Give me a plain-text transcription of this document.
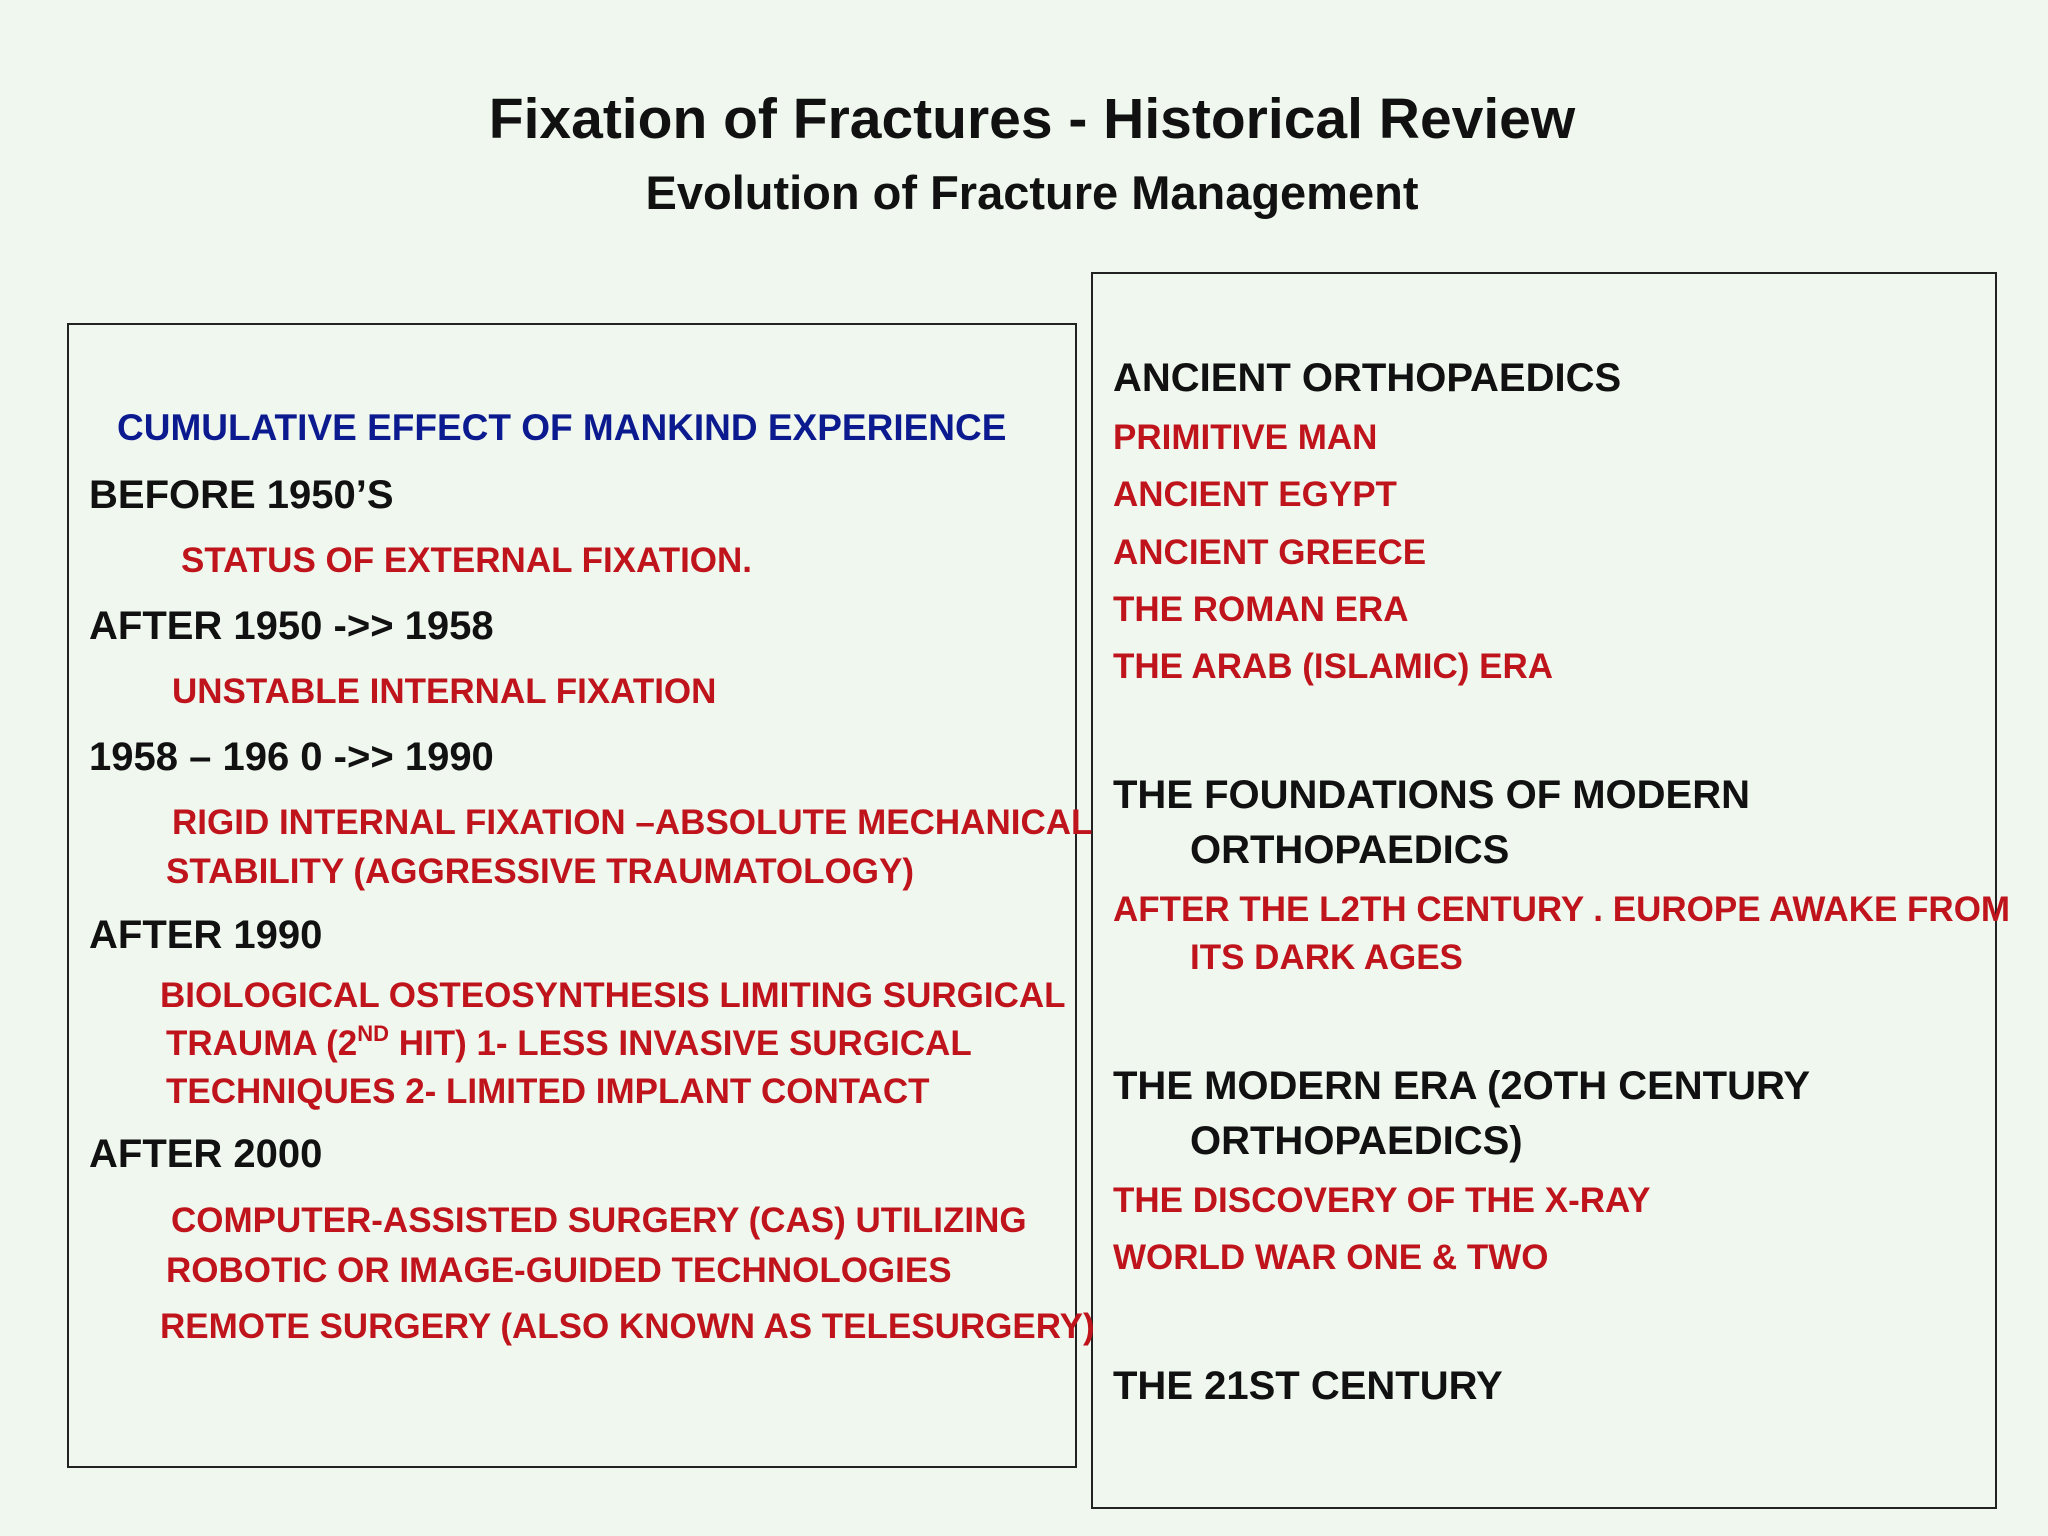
Fixation of Fractures - Historical Review
Evolution of Fracture Management
CUMULATIVE EFFECT OF MANKIND EXPERIENCE
BEFORE 1950’S
STATUS OF EXTERNAL FIXATION.
AFTER 1950 ->> 1958
UNSTABLE INTERNAL FIXATION
1958 – 196 0 ->> 1990
RIGID INTERNAL FIXATION –ABSOLUTE MECHANICAL
STABILITY (AGGRESSIVE TRAUMATOLOGY)
AFTER 1990
BIOLOGICAL OSTEOSYNTHESIS LIMITING SURGICAL
TRAUMA (2ND HIT) 1- LESS INVASIVE SURGICAL
TECHNIQUES 2- LIMITED IMPLANT CONTACT
AFTER 2000
COMPUTER-ASSISTED SURGERY (CAS) UTILIZING
ROBOTIC OR IMAGE-GUIDED TECHNOLOGIES
REMOTE SURGERY (ALSO KNOWN AS TELESURGERY)
ANCIENT ORTHOPAEDICS
PRIMITIVE MAN
ANCIENT EGYPT
ANCIENT GREECE
THE ROMAN ERA
THE ARAB (ISLAMIC) ERA
THE FOUNDATIONS OF MODERN
ORTHOPAEDICS
AFTER THE L2TH CENTURY . EUROPE AWAKE FROM
ITS DARK AGES
THE MODERN ERA (2OTH CENTURY
ORTHOPAEDICS)
THE DISCOVERY OF THE X-RAY
WORLD WAR ONE & TWO
THE 21ST CENTURY
